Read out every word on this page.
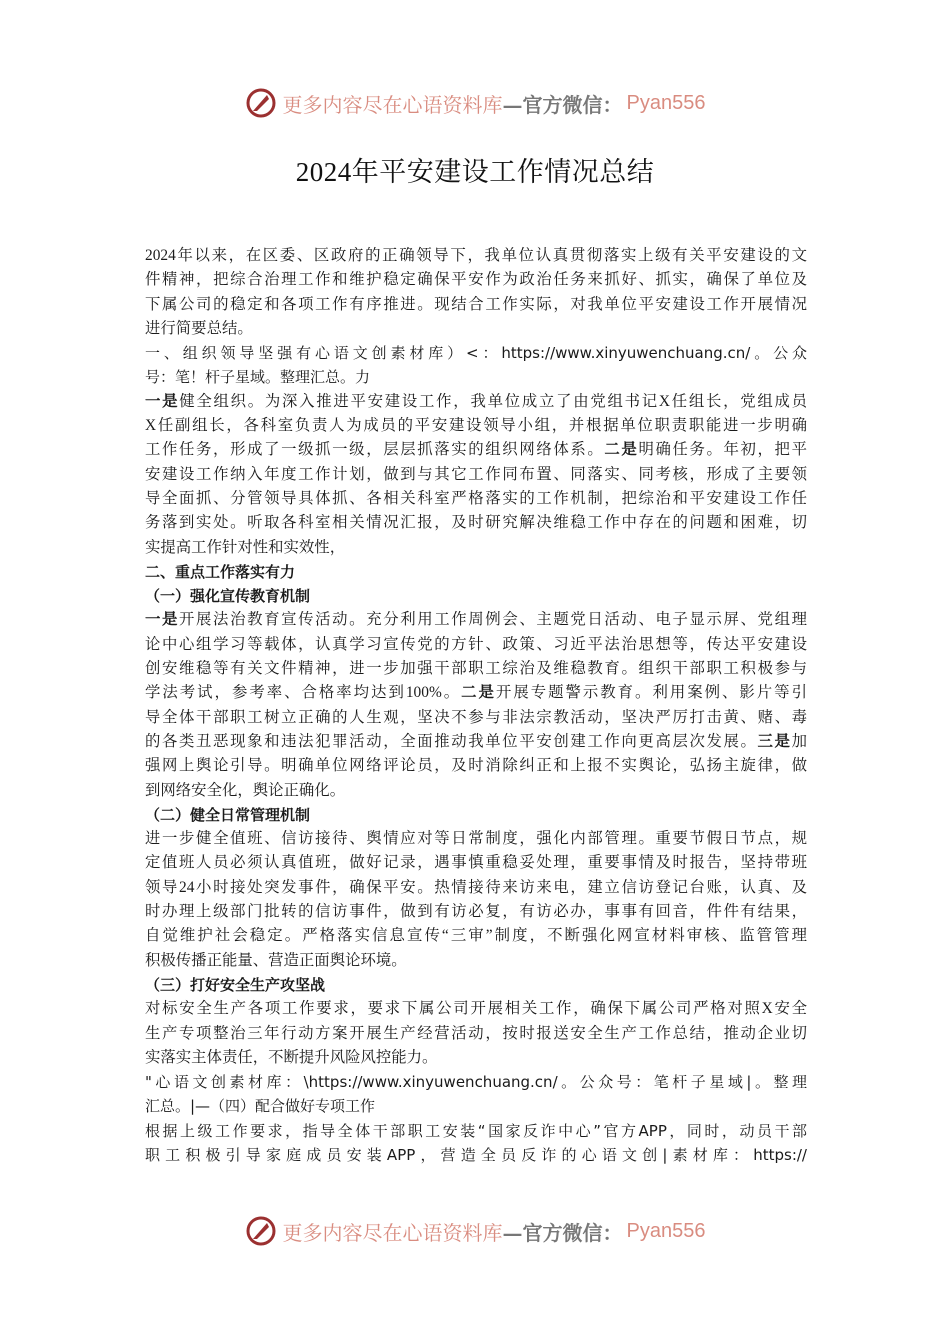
更多内容尽在心语资料库 —官方微信： Pyan556
2024年平安建设工作情况总结
2024年以来，在区委、区政府的正确领导下，我单位认真贯彻落实上级有关平安建设的文
件精神，把综合治理工作和维护稳定确保平安作为政治任务来抓好、抓实，确保了单位及
下属公司的稳定和各项工作有序推进。现结合工作实际，对我单位平安建设工作开展情况
进行简要总结。
一、组织领导坚强有心语文创素材库）<：https://www.xinyuwenchuang.cn/。公众
号：笔！杆子星域。整理汇总。力
一是健全组织。为深入推进平安建设工作，我单位成立了由党组书记X任组长，党组成员
X任副组长，各科室负责人为成员的平安建设领导小组，并根据单位职责职能进一步明确
工作任务，形成了一级抓一级，层层抓落实的组织网络体系。二是明确任务。年初，把平
安建设工作纳入年度工作计划，做到与其它工作同布置、同落实、同考核，形成了主要领
导全面抓、分管领导具体抓、各相关科室严格落实的工作机制，把综治和平安建设工作任
务落到实处。听取各科室相关情况汇报，及时研究解决维稳工作中存在的问题和困难，切
实提高工作针对性和实效性，
二、重点工作落实有力
（一）强化宣传教育机制
一是开展法治教育宣传活动。充分利用工作周例会、主题党日活动、电子显示屏、党组理
论中心组学习等载体，认真学习宣传党的方针、政策、习近平法治思想等，传达平安建设
创安维稳等有关文件精神，进一步加强干部职工综治及维稳教育。组织干部职工积极参与
学法考试，参考率、合格率均达到100%。二是开展专题警示教育。利用案例、影片等引
导全体干部职工树立正确的人生观，坚决不参与非法宗教活动，坚决严厉打击黄、赌、毒
的各类丑恶现象和违法犯罪活动，全面推动我单位平安创建工作向更高层次发展。三是加
强网上舆论引导。明确单位网络评论员，及时消除纠正和上报不实舆论，弘扬主旋律，做
到网络安全化，舆论正确化。
（二）健全日常管理机制
进一步健全值班、信访接待、舆情应对等日常制度，强化内部管理。重要节假日节点，规
定值班人员必须认真值班，做好记录，遇事慎重稳妥处理，重要事情及时报告，坚持带班
领导24小时接处突发事件，确保平安。热情接待来访来电，建立信访登记台账，认真、及
时办理上级部门批转的信访事件，做到有访必复，有访必办，事事有回音，件件有结果，
自觉维护社会稳定。严格落实信息宣传“三审”制度，不断强化网宣材料审核、监管管理
积极传播正能量、营造正面舆论环境。
（三）打好安全生产攻坚战
对标安全生产各项工作要求，要求下属公司开展相关工作，确保下属公司严格对照X安全
生产专项整治三年行动方案开展生产经营活动，按时报送安全生产工作总结，推动企业切
实落实主体责任，不断提升风险风控能力。
"心语文创素材库：\https://www.xinyuwenchuang.cn/。公众号：笔杆子星域|。整理
汇总。|—（四）配合做好专项工作
根据上级工作要求，指导全体干部职工安装“国家反诈中心”官方APP，同时，动员干部
职工积极引导家庭成员安装APP，营造全员反诈的心语文创|素材库：https://
更多内容尽在心语资料库 —官方微信： Pyan556
